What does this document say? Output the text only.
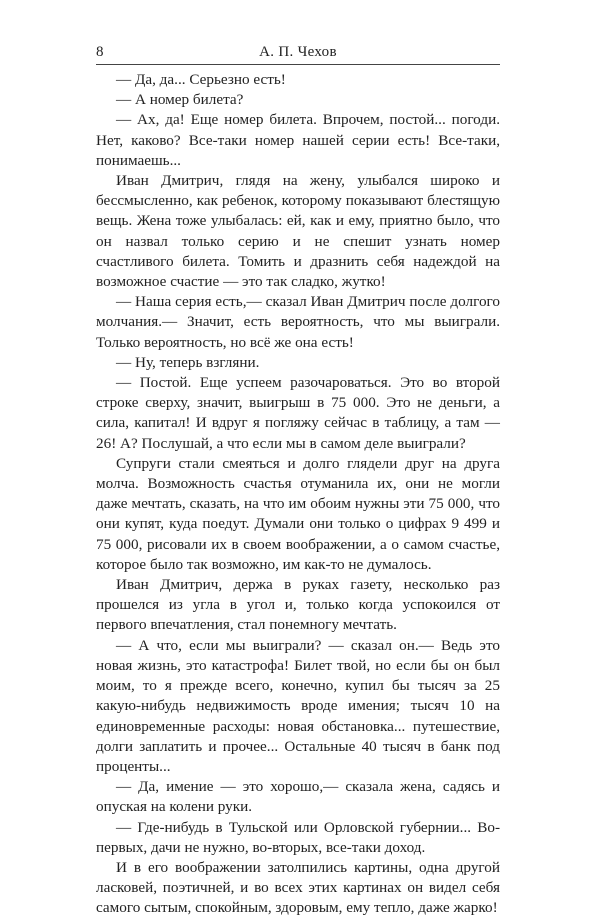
8	А. П. Чехов

— Да, да... Серьезно есть!

— А номер билета?

— Ах, да! Еще номер билета. Впрочем, постой... погоди. Нет, каково? Все-таки номер нашей серии есть! Все-таки, понимаешь...

Иван Дмитрич, глядя на жену, улыбался широко и бессмысленно, как ребенок, которому показывают блестящую вещь. Жена тоже улыбалась: ей, как и ему, приятно было, что он назвал только серию и не спешит узнать номер счастливого билета. Томить и дразнить себя надеждой на возможное счастие — это так сладко, жутко!

— Наша серия есть,— сказал Иван Дмитрич после долгого молчания.— Значит, есть вероятность, что мы выиграли. Только вероятность, но всё же она есть!

— Ну, теперь взгляни.

— Постой. Еще успеем разочароваться. Это во второй строке сверху, значит, выигрыш в 75 000. Это не деньги, а сила, капитал! И вдруг я погляжу сейчас в таблицу, а там — 26! А? Послушай, а что если мы в самом деле выиграли?

Супруги стали смеяться и долго глядели друг на друга молча. Возможность счастья отуманила их, они не могли даже мечтать, сказать, на что им обоим нужны эти 75 000, что они купят, куда поедут. Думали они только о цифрах 9 499 и 75 000, рисовали их в своем воображении, а о самом счастье, которое было так возможно, им как-то не думалось.

Иван Дмитрич, держа в руках газету, несколько раз прошелся из угла в угол и, только когда успокоился от первого впечатления, стал понемногу мечтать.

— А что, если мы выиграли? — сказал он.— Ведь это новая жизнь, это катастрофа! Билет твой, но если бы он был моим, то я прежде всего, конечно, купил бы тысяч за 25 какую-нибудь недвижимость вроде имения; тысяч 10 на единовременные расходы: новая обстановка... путешествие, долги заплатить и прочее... Остальные 40 тысяч в банк под проценты...

— Да, имение — это хорошо,— сказала жена, садясь и опуская на колени руки.

— Где-нибудь в Тульской или Орловской губернии... Во-первых, дачи не нужно, во-вторых, все-таки доход.

И в его воображении затолпились картины, одна другой ласковей, поэтичней, и во всех этих картинах он видел себя самого сытым, спокойным, здоровым, ему тепло, даже жарко!
